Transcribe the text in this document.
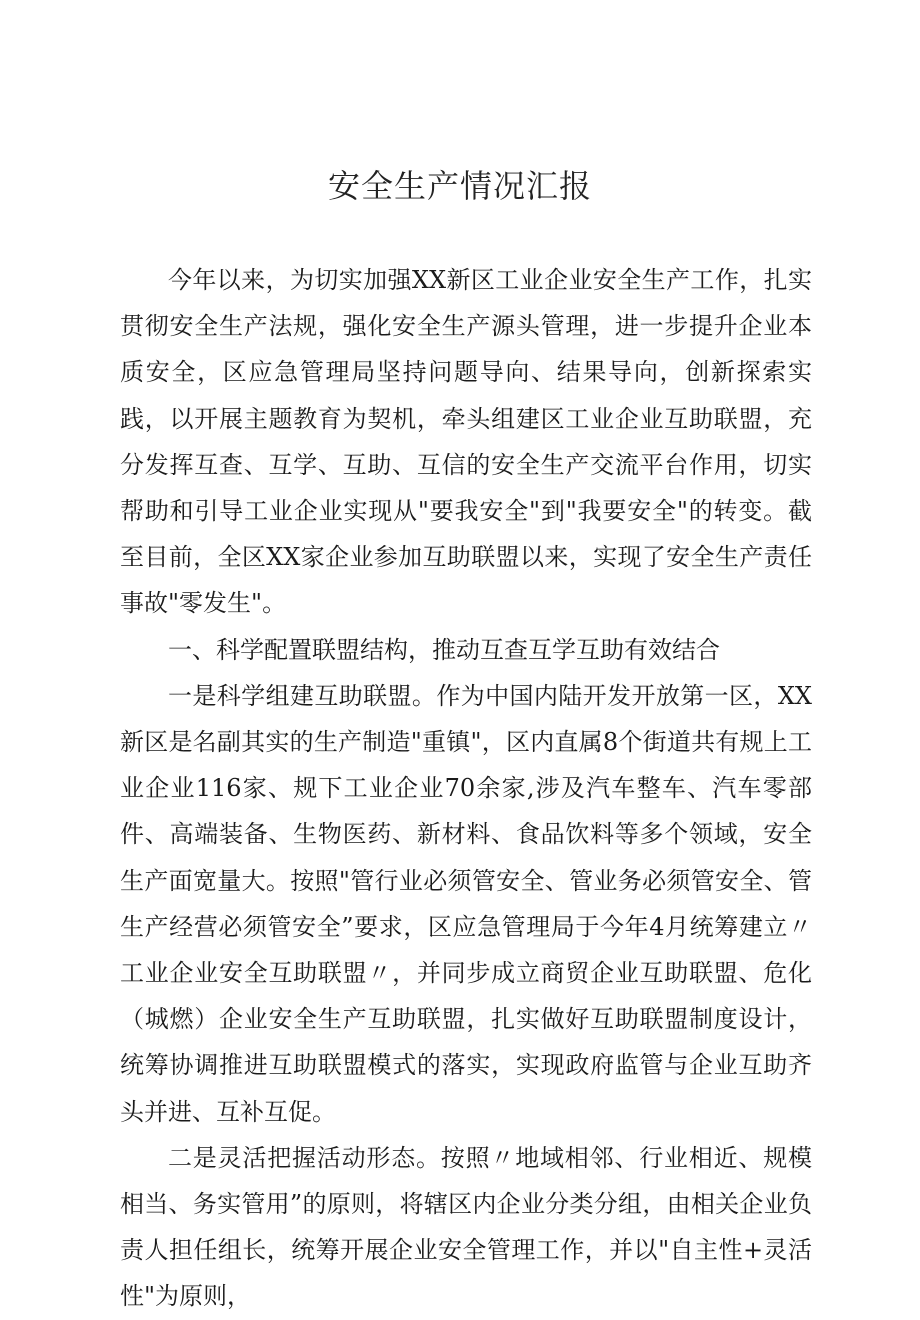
安全生产情况汇报

今年以来，为切实加强XX新区工业企业安全生产工作，扎实贯彻安全生产法规，强化安全生产源头管理，进一步提升企业本质安全，区应急管理局坚持问题导向、结果导向，创新探索实践，以开展主题教育为契机，牵头组建区工业企业互助联盟，充分发挥互查、互学、互助、互信的安全生产交流平台作用，切实帮助和引导工业企业实现从"要我安全"到"我要安全"的转变。截至目前，全区XX家企业参加互助联盟以来，实现了安全生产责任事故"零发生"。

一、科学配置联盟结构，推动互查互学互助有效结合

一是科学组建互助联盟。作为中国内陆开发开放第一区，XX新区是名副其实的生产制造"重镇"，区内直属8个街道共有规上工业企业116家、规下工业企业70余家,涉及汽车整车、汽车零部件、高端装备、生物医药、新材料、食品饮料等多个领域，安全生产面宽量大。按照"管行业必须管安全、管业务必须管安全、管生产经营必须管安全”要求，区应急管理局于今年4月统筹建立〃工业企业安全互助联盟〃，并同步成立商贸企业互助联盟、危化（城燃）企业安全生产互助联盟，扎实做好互助联盟制度设计，统筹协调推进互助联盟模式的落实，实现政府监管与企业互助齐头并进、互补互促。

二是灵活把握活动形态。按照〃地域相邻、行业相近、规模相当、务实管用”的原则，将辖区内企业分类分组，由相关企业负责人担任组长，统筹开展企业安全管理工作，并以"自主性+灵活性"为原则，
